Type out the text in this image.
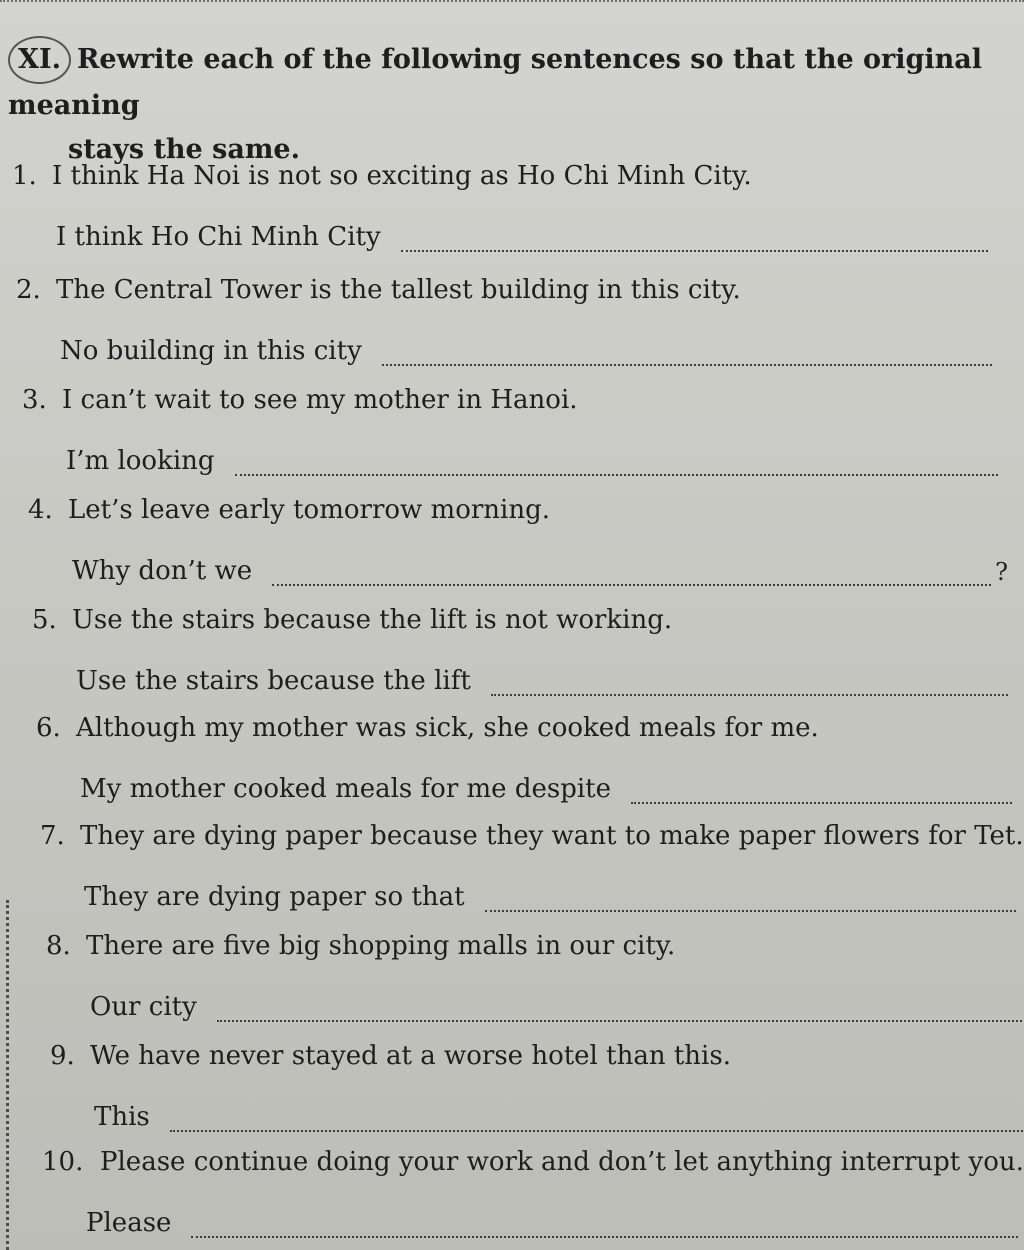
XI. Rewrite each of the following sentences so that the original meaning
stays the same.
1. I think Ha Noi is not so exciting as Ho Chi Minh City.
I think Ho Chi Minh City
2. The Central Tower is the tallest building in this city.
No building in this city
3. I can’t wait to see my mother in Hanoi.
I’m looking
4. Let’s leave early tomorrow morning.
Why don’t we	?
5. Use the stairs because the lift is not working.
Use the stairs because the lift
6. Although my mother was sick, she cooked meals for me.
My mother cooked meals for me despite
7. They are dying paper because they want to make paper flowers for Tet.
They are dying paper so that
8. There are five big shopping malls in our city.
Our city
9. We have never stayed at a worse hotel than this.
This
10. Please continue doing your work and don’t let anything interrupt you.
Please
